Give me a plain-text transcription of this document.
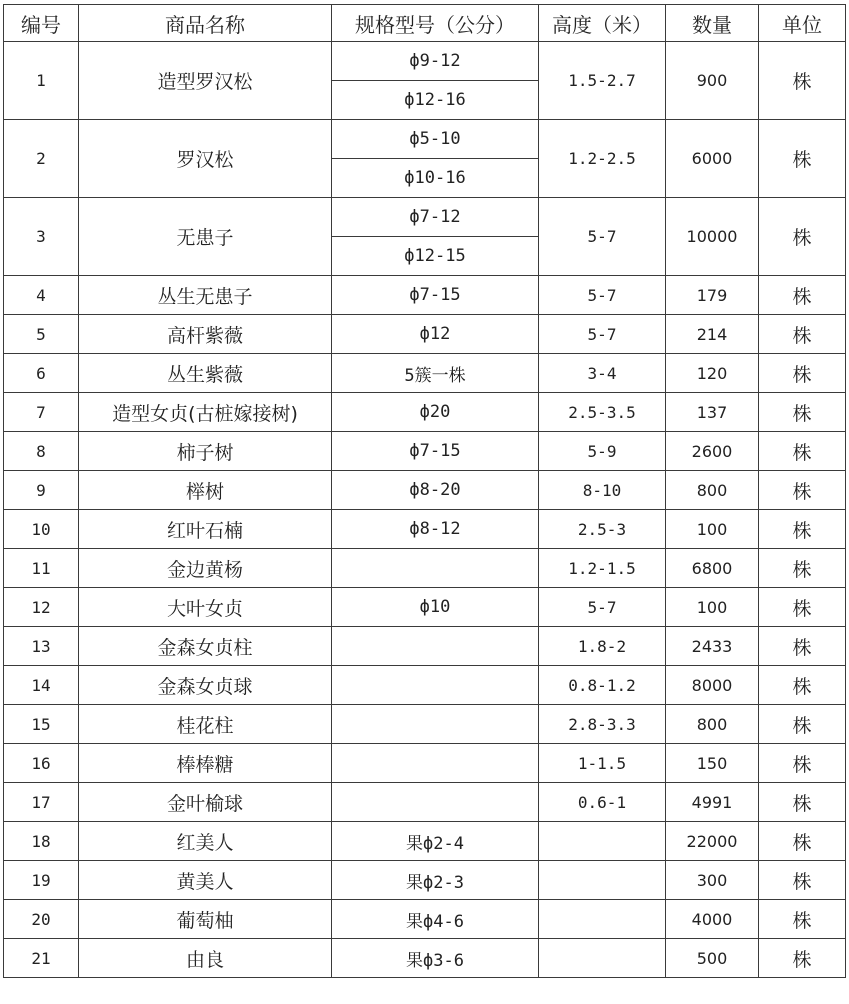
编号	商品名称	规格型号（公分）	高度（米）	数量	单位
1	造型罗汉松	ф9-12	1.5-2.7	900	株
		ф12-16			
2	罗汉松	ф5-10	1.2-2.5	6000	株
		ф10-16			
3	无患子	ф7-12	5-7	10000	株
		ф12-15			
4	丛生无患子	ф7-15	5-7	179	株
5	高杆紫薇	ф12	5-7	214	株
6	丛生紫薇	5簇一株	3-4	120	株
7	造型女贞(古桩嫁接树)	ф20	2.5-3.5	137	株
8	柿子树	ф7-15	5-9	2600	株
9	榉树	ф8-20	8-10	800	株
10	红叶石楠	ф8-12	2.5-3	100	株
11	金边黄杨		1.2-1.5	6800	株
12	大叶女贞	ф10	5-7	100	株
13	金森女贞柱		1.8-2	2433	株
14	金森女贞球		0.8-1.2	8000	株
15	桂花柱		2.8-3.3	800	株
16	棒棒糖		1-1.5	150	株
17	金叶榆球		0.6-1	4991	株
18	红美人	果ф2-4		22000	株
19	黄美人	果ф2-3		300	株
20	葡萄柚	果ф4-6		4000	株
21	由良	果ф3-6		500	株
